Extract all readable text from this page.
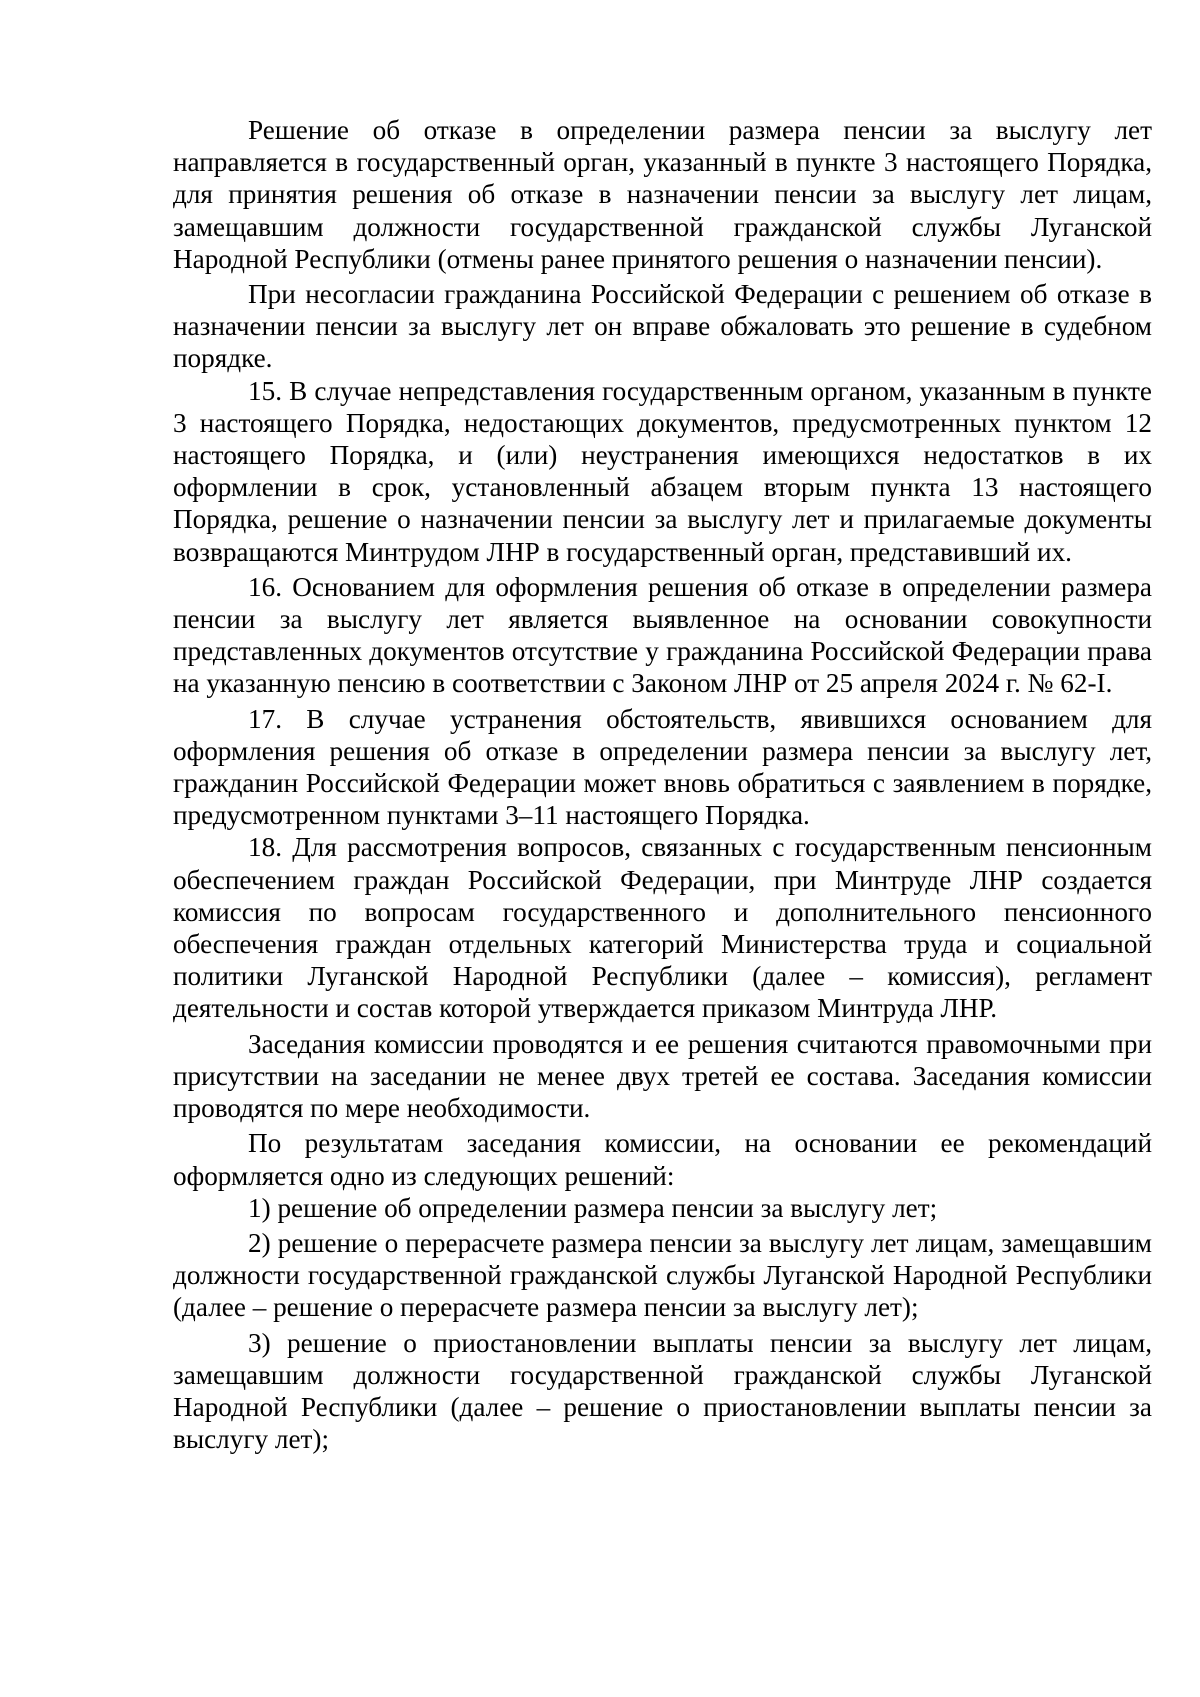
Решение об отказе в определении размера пенсии за выслугу лет направляется в государственный орган, указанный в пункте 3 настоящего Порядка, для принятия решения об отказе в назначении пенсии за выслугу лет лицам, замещавшим должности государственной гражданской службы Луганской Народной Республики (отмены ранее принятого решения о назначении пенсии).

При несогласии гражданина Российской Федерации с решением об отказе в назначении пенсии за выслугу лет он вправе обжаловать это решение в судебном порядке.

15. В случае непредставления государственным органом, указанным в пункте 3 настоящего Порядка, недостающих документов, предусмотренных пунктом 12 настоящего Порядка, и (или) неустранения имеющихся недостатков в их оформлении в срок, установленный абзацем вторым пункта 13 настоящего Порядка, решение о назначении пенсии за выслугу лет и прилагаемые документы возвращаются Минтрудом ЛНР в государственный орган, представивший их.

16. Основанием для оформления решения об отказе в определении размера пенсии за выслугу лет является выявленное на основании совокупности представленных документов отсутствие у гражданина Российской Федерации права на указанную пенсию в соответствии с Законом ЛНР от 25 апреля 2024 г. № 62-I.

17. В случае устранения обстоятельств, явившихся основанием для оформления решения об отказе в определении размера пенсии за выслугу лет, гражданин Российской Федерации может вновь обратиться с заявлением в порядке, предусмотренном пунктами 3–11 настоящего Порядка.

18. Для рассмотрения вопросов, связанных с государственным пенсионным обеспечением граждан Российской Федерации, при Минтруде ЛНР создается комиссия по вопросам государственного и дополнительного пенсионного обеспечения граждан отдельных категорий Министерства труда и социальной политики Луганской Народной Республики (далее – комиссия), регламент деятельности и состав которой утверждается приказом Минтруда ЛНР.

Заседания комиссии проводятся и ее решения считаются правомочными при присутствии на заседании не менее двух третей ее состава. Заседания комиссии проводятся по мере необходимости.

По результатам заседания комиссии, на основании ее рекомендаций оформляется одно из следующих решений:

1) решение об определении размера пенсии за выслугу лет;

2) решение о перерасчете размера пенсии за выслугу лет лицам, замещавшим должности государственной гражданской службы Луганской Народной Республики (далее – решение о перерасчете размера пенсии за выслугу лет);

3) решение о приостановлении выплаты пенсии за выслугу лет лицам, замещавшим должности государственной гражданской службы Луганской Народной Республики (далее – решение о приостановлении выплаты пенсии за выслугу лет);
